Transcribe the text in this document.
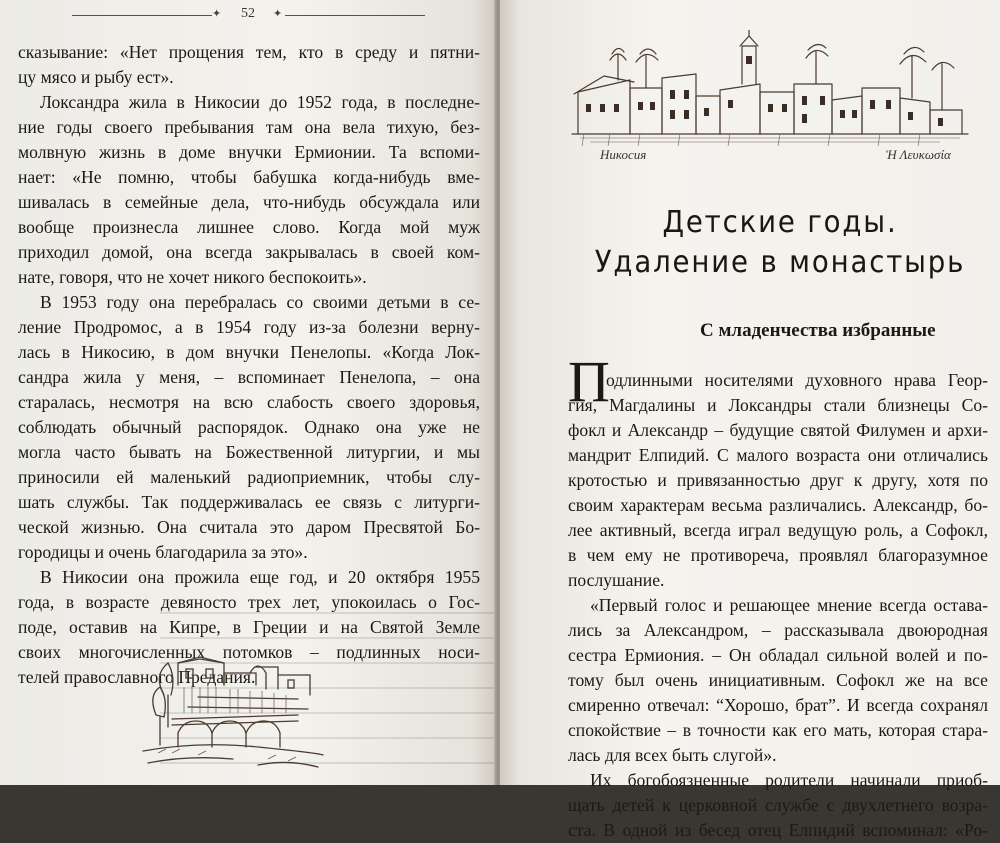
✦	52	✦
сказывание: «Нет прощения тем, кто в среду и пятни-
цу мясо и рыбу ест».
Локсандра жила в Никосии до 1952 года, в последне-
ние годы своего пребывания там она вела тихую, без-
молвную жизнь в доме внучки Ермионии. Та вспоми-
нает: «Не помню, чтобы бабушка когда-нибудь вме-
шивалась в семейные дела, что-нибудь обсуждала или
вообще произнесла лишнее слово. Когда мой муж
приходил домой, она всегда закрывалась в своей ком-
нате, говоря, что не хочет никого беспокоить».
В 1953 году она перебралась со своими детьми в се-
ление Продромос, а в 1954 году из-за болезни верну-
лась в Никосию, в дом внучки Пенелопы. «Когда Лок-
сандра жила у меня, – вспоминает Пенелопа, – она
старалась, несмотря на всю слабость своего здоровья,
соблюдать обычный распорядок. Однако она уже не
могла часто бывать на Божественной литургии, и мы
приносили ей маленький радиоприемник, чтобы слу-
шать службы. Так поддерживалась ее связь с литурги-
ческой жизнью. Она считала это даром Пресвятой Бо-
городицы и очень благодарила за это».
В Никосии она прожила еще год, и 20 октября 1955
года, в возрасте девяносто трех лет, упокоилась о Гос-
поде, оставив на Кипре, в Греции и на Святой Земле
своих многочисленных потомков – подлинных носи-
телей православного Предания.
Никосия	Ἡ Λευκωσία
Детские годы.
Удаление в монастырь
С младенчества избранные
П
одлинными носителями духовного нрава Геор-
гия, Магдалины и Локсандры стали близнецы Со-
фокл и Александр – будущие святой Филумен и архи-
мандрит Елпидий. С малого возраста они отличались
кротостью и привязанностью друг к другу, хотя по
своим характерам весьма различались. Александр, бо-
лее активный, всегда играл ведущую роль, а Софокл,
в чем ему не противореча, проявлял благоразумное
послушание.
«Первый голос и решающее мнение всегда остава-
лись за Александром, – рассказывала двоюродная
сестра Ермиония. – Он обладал сильной волей и по-
тому был очень инициативным. Софокл же на все
смиренно отвечал: “Хорошо, брат”. И всегда сохранял
спокойствие – в точности как его мать, которая стара-
лась для всех быть слугой».
Их богобоязненные родители начинали приоб-
щать детей к церковной службе с двухлетнего возра-
ста. В одной из бесед отец Елпидий вспоминал: «Ро-
